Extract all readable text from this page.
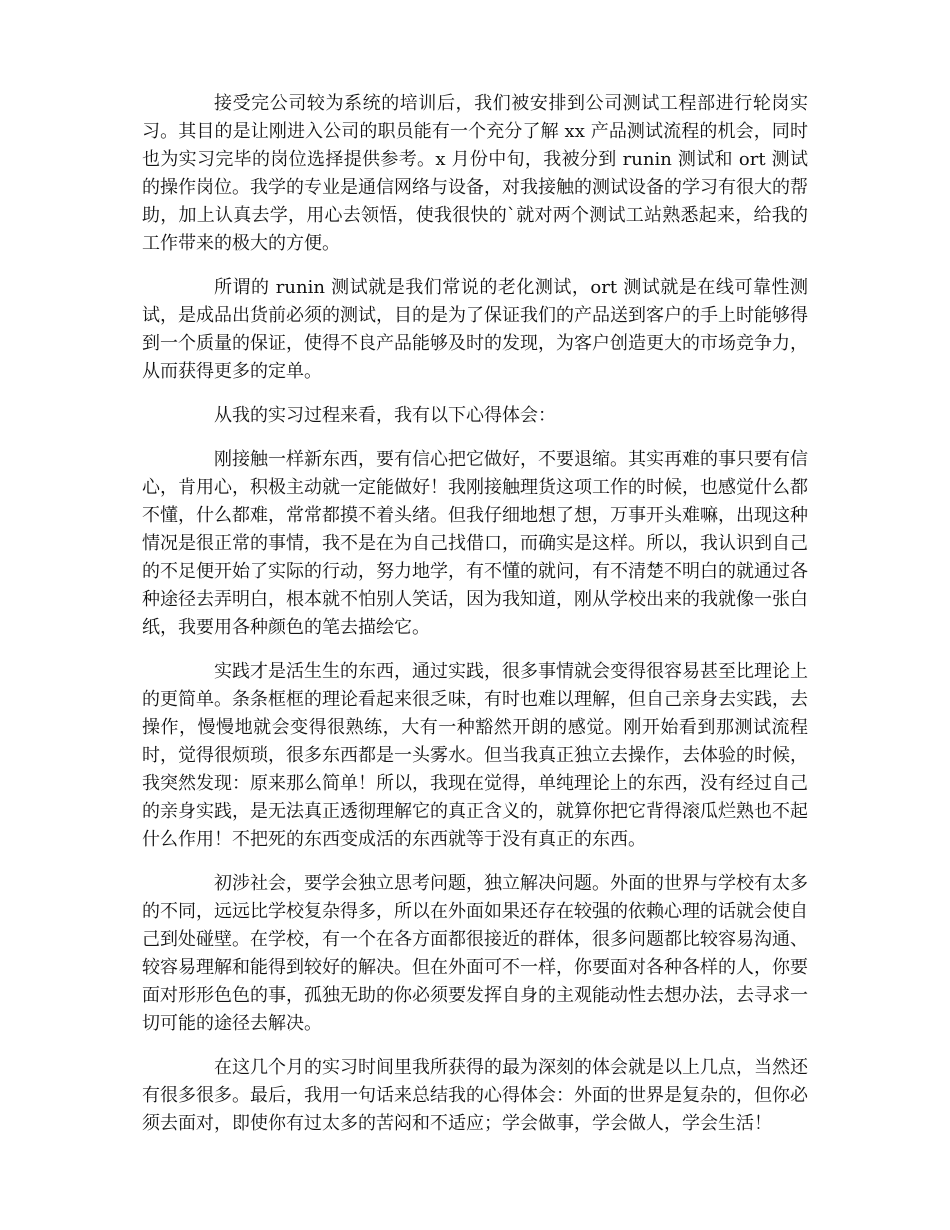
接受完公司较为系统的培训后，我们被安排到公司测试工程部进行轮岗实习。其目的是让刚进入公司的职员能有一个充分了解 xx 产品测试流程的机会，同时也为实习完毕的岗位选择提供参考。x 月份中旬，我被分到 runin 测试和 ort 测试的操作岗位。我学的专业是通信网络与设备，对我接触的测试设备的学习有很大的帮助，加上认真去学，用心去领悟，使我很快的`就对两个测试工站熟悉起来，给我的工作带来的极大的方便。

所谓的 runin 测试就是我们常说的老化测试，ort 测试就是在线可靠性测试，是成品出货前必须的测试，目的是为了保证我们的产品送到客户的手上时能够得到一个质量的保证，使得不良产品能够及时的发现，为客户创造更大的市场竞争力，从而获得更多的定单。

从我的实习过程来看，我有以下心得体会：

刚接触一样新东西，要有信心把它做好，不要退缩。其实再难的事只要有信心，肯用心，积极主动就一定能做好！我刚接触理货这项工作的时候，也感觉什么都不懂，什么都难，常常都摸不着头绪。但我仔细地想了想，万事开头难嘛，出现这种情况是很正常的事情，我不是在为自己找借口，而确实是这样。所以，我认识到自己的不足便开始了实际的行动，努力地学，有不懂的就问，有不清楚不明白的就通过各种途径去弄明白，根本就不怕别人笑话，因为我知道，刚从学校出来的我就像一张白纸，我要用各种颜色的笔去描绘它。

实践才是活生生的东西，通过实践，很多事情就会变得很容易甚至比理论上的更简单。条条框框的理论看起来很乏味，有时也难以理解，但自己亲身去实践，去操作，慢慢地就会变得很熟练，大有一种豁然开朗的感觉。刚开始看到那测试流程时，觉得很烦琐，很多东西都是一头雾水。但当我真正独立去操作，去体验的时候，我突然发现：原来那么简单！所以，我现在觉得，单纯理论上的东西，没有经过自己的亲身实践，是无法真正透彻理解它的真正含义的，就算你把它背得滚瓜烂熟也不起什么作用！不把死的东西变成活的东西就等于没有真正的东西。

初涉社会，要学会独立思考问题，独立解决问题。外面的世界与学校有太多的不同，远远比学校复杂得多，所以在外面如果还存在较强的依赖心理的话就会使自己到处碰壁。在学校，有一个在各方面都很接近的群体，很多问题都比较容易沟通、较容易理解和能得到较好的解决。但在外面可不一样，你要面对各种各样的人，你要面对形形色色的事，孤独无助的你必须要发挥自身的主观能动性去想办法，去寻求一切可能的途径去解决。

在这几个月的实习时间里我所获得的最为深刻的体会就是以上几点，当然还有很多很多。最后，我用一句话来总结我的心得体会：外面的世界是复杂的，但你必须去面对，即使你有过太多的苦闷和不适应；学会做事，学会做人，学会生活！
